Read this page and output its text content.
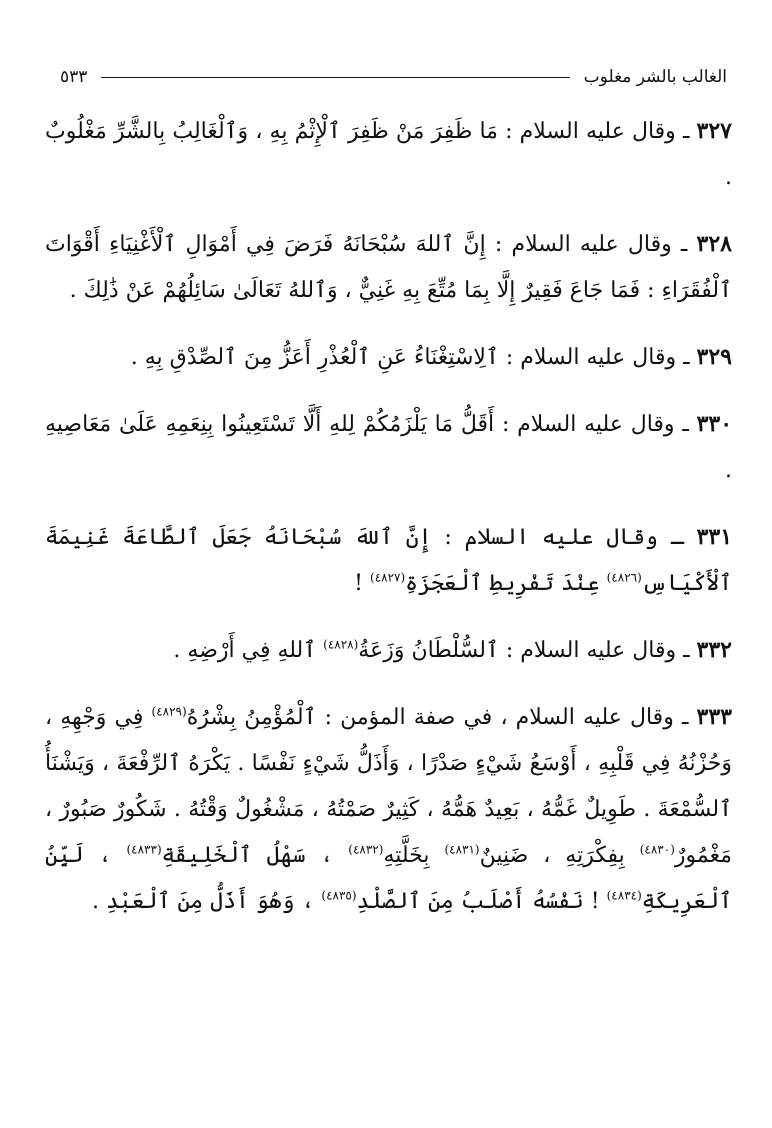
الغالب بالشر مغلوب
٥٣٣

٣٢٧ ـ وقال عليه السلام : مَا ظَفِرَ مَنْ ظَفِرَ ٱلْإِثْمُ بِهِ ، وَٱلْغَالِبُ بِالشَّرِّ مَغْلُوبٌ .

٣٢٨ ـ وقال عليه السلام : إِنَّ ٱللهَ سُبْحَانَهُ فَرَضَ فِي أَمْوَالِ ٱلْأَغْنِيَاءِ أَقْوَاتَ ٱلْفُقَرَاءِ : فَمَا جَاعَ فَقِيرٌ إِلَّا بِمَا مُتِّعَ بِهِ غَنِيٌّ ، وَٱللهُ تَعَالَىٰ سَائِلُهُمْ عَنْ ذَٰلِكَ .

٣٢٩ ـ وقال عليه السلام : ٱلِاسْتِغْنَاءُ عَنِ ٱلْعُذْرِ أَعَزُّ مِنَ ٱلصِّدْقِ بِهِ .

٣٣٠ ـ وقال عليه السلام : أَقَلُّ مَا يَلْزَمُكُمْ لِلهِ أَلَّا تَسْتَعِينُوا بِنِعَمِهِ عَلَىٰ مَعَاصِيهِ .

٣٣١ ـ وقال عليه السلام : إِنَّ ٱللهَ سُبْحَانَهُ جَعَلَ ٱلطَّاعَةَ غَنِيمَةَ ٱلْأَكْيَاسِ$^{(٤٨٢٦)}$ عِنْدَ تَفْرِيطِ ٱلْعَجَزَةِ$^{(٤٨٢٧)}$ !

٣٣٢ ـ وقال عليه السلام : ٱلسُّلْطَانُ وَزَعَةُ$^{(٤٨٢٨)}$ ٱللهِ فِي أَرْضِهِ .

٣٣٣ ـ وقال عليه السلام ، في صفة المؤمن : ٱلْمُؤْمِنُ بِشْرُهُ$^{(٤٨٢٩)}$ فِي وَجْهِهِ ، وَحُزْنُهُ فِي قَلْبِهِ ، أَوْسَعُ شَيْءٍ صَدْرًا ، وَأَذَلُّ شَيْءٍ نَفْسًا . يَكْرَهُ ٱلرِّفْعَةَ ، وَيَشْنَأُ ٱلسُّمْعَةَ . طَوِيلٌ غَمُّهُ ، بَعِيدٌ هَمُّهُ ، كَثِيرٌ صَمْتُهُ ، مَشْغُولٌ وَقْتُهُ . شَكُورٌ صَبُورٌ ، مَغْمُورٌ$^{(٤٨٣٠)}$ بِفِكْرَتِهِ ، ضَنِينٌ$^{(٤٨٣١)}$ بِخَلَّتِهِ$^{(٤٨٣٢)}$ ، سَهْلُ ٱلْخَلِيقَةِ$^{(٤٨٣٣)}$ ، لَيِّنُ ٱلْعَرِيكَةِ$^{(٤٨٣٤)}$ ! نَفْسُهُ أَصْلَبُ مِنَ ٱلصَّلْدِ$^{(٤٨٣٥)}$ ، وَهُوَ أَذَلُّ مِنَ ٱلْعَبْدِ .
